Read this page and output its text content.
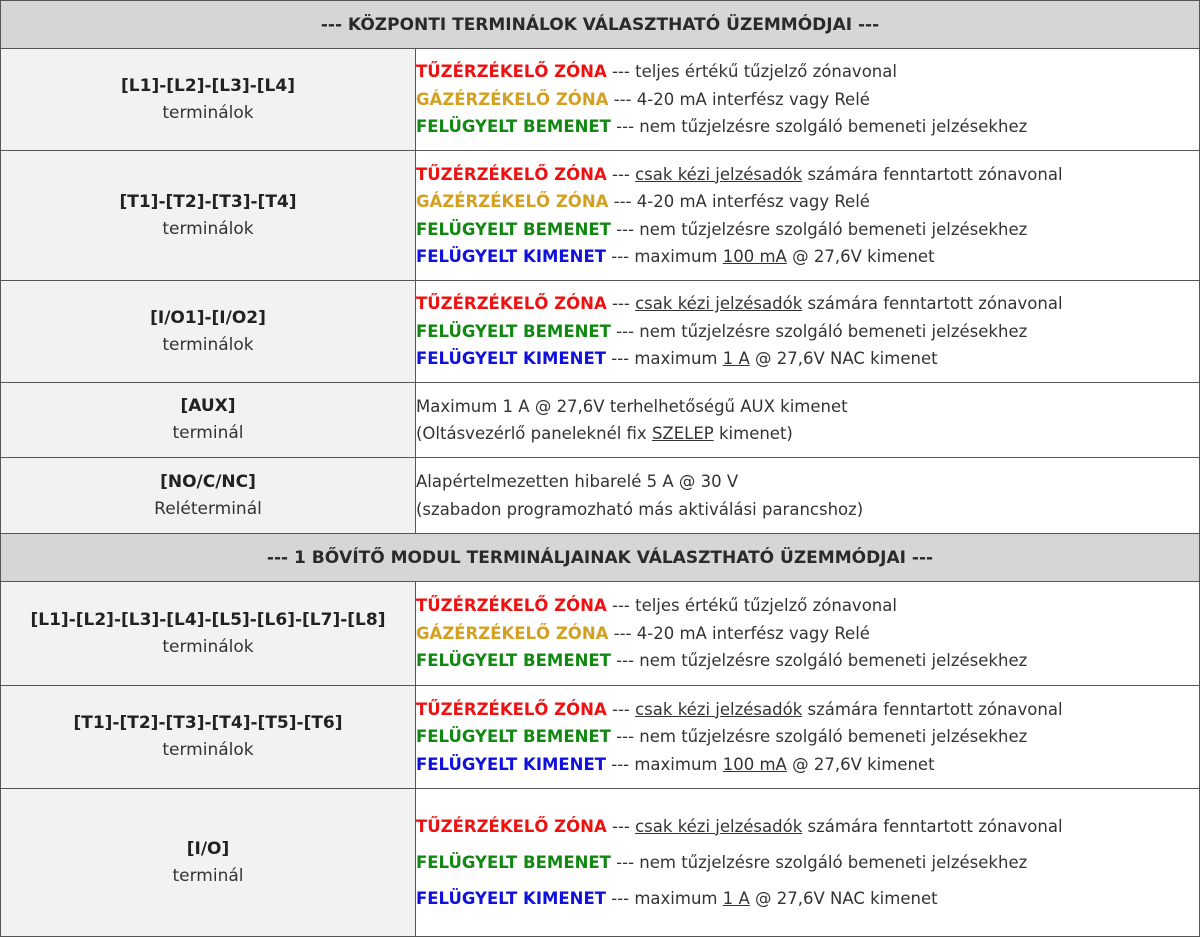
--- KÖZPONTI TERMINÁLOK VÁLASZTHATÓ ÜZEMMÓDJAI ---	

[L1]-[L2]-[L3]-[L4]
terminálok	TŰZÉRZÉKELŐ ZÓNA --- teljes értékű tűzjelző zónavonal
GÁZÉRZÉKELŐ ZÓNA --- 4-20 mA interfész vagy Relé
FELÜGYELT BEMENET --- nem tűzjelzésre szolgáló bemeneti jelzésekhez

[T1]-[T2]-[T3]-[T4]
terminálok	TŰZÉRZÉKELŐ ZÓNA --- csak kézi jelzésadók számára fenntartott zónavonal
GÁZÉRZÉKELŐ ZÓNA --- 4-20 mA interfész vagy Relé
FELÜGYELT BEMENET --- nem tűzjelzésre szolgáló bemeneti jelzésekhez
FELÜGYELT KIMENET --- maximum 100 mA @ 27,6V kimenet

[I/O1]-[I/O2]
terminálok	TŰZÉRZÉKELŐ ZÓNA --- csak kézi jelzésadók számára fenntartott zónavonal
FELÜGYELT BEMENET --- nem tűzjelzésre szolgáló bemeneti jelzésekhez
FELÜGYELT KIMENET --- maximum 1 A @ 27,6V NAC kimenet

[AUX]
terminál	Maximum 1 A @ 27,6V terhelhetőségű AUX kimenet
(Oltásvezérlő paneleknél fix SZELEP kimenet)

[NO/C/NC]
Reléterminál	Alapértelmezetten hibarelé 5 A @ 30 V
(szabadon programozható más aktiválási parancshoz)

--- 1 BŐVÍTŐ MODUL TERMINÁLJAINAK VÁLASZTHATÓ ÜZEMMÓDJAI ---	

[L1]-[L2]-[L3]-[L4]-[L5]-[L6]-[L7]-[L8]
terminálok	TŰZÉRZÉKELŐ ZÓNA --- teljes értékű tűzjelző zónavonal
GÁZÉRZÉKELŐ ZÓNA --- 4-20 mA interfész vagy Relé
FELÜGYELT BEMENET --- nem tűzjelzésre szolgáló bemeneti jelzésekhez

[T1]-[T2]-[T3]-[T4]-[T5]-[T6]
terminálok	TŰZÉRZÉKELŐ ZÓNA --- csak kézi jelzésadók számára fenntartott zónavonal
FELÜGYELT BEMENET --- nem tűzjelzésre szolgáló bemeneti jelzésekhez
FELÜGYELT KIMENET --- maximum 100 mA @ 27,6V kimenet

[I/O]
terminál	TŰZÉRZÉKELŐ ZÓNA --- csak kézi jelzésadók számára fenntartott zónavonal
FELÜGYELT BEMENET --- nem tűzjelzésre szolgáló bemeneti jelzésekhez
FELÜGYELT KIMENET --- maximum 1 A @ 27,6V NAC kimenet
